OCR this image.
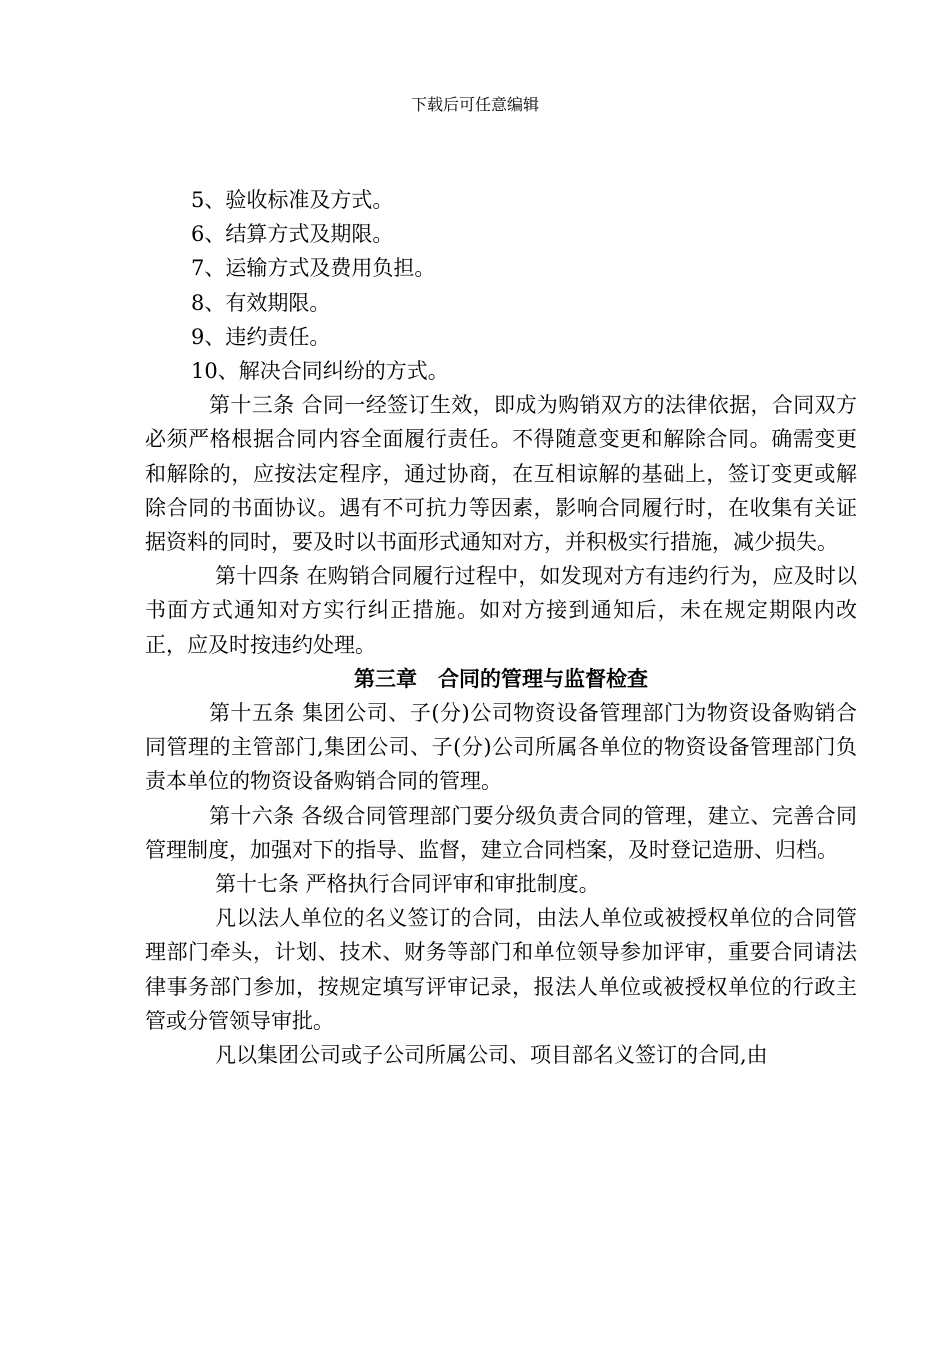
下载后可任意编辑

5、验收标准及方式。

6、结算方式及期限。

7、运输方式及费用负担。

8、有效期限。

9、违约责任。

10、解决合同纠纷的方式。

第十三条 合同一经签订生效，即成为购销双方的法律依据，合同双方必须严格根据合同内容全面履行责任。不得随意变更和解除合同。确需变更和解除的，应按法定程序，通过协商，在互相谅解的基础上，签订变更或解除合同的书面协议。遇有不可抗力等因素，影响合同履行时，在收集有关证据资料的同时，要及时以书面形式通知对方，并积极实行措施，减少损失。

第十四条 在购销合同履行过程中，如发现对方有违约行为，应及时以书面方式通知对方实行纠正措施。如对方接到通知后，未在规定期限内改正，应及时按违约处理。

第三章　合同的管理与监督检查

第十五条 集团公司、子(分)公司物资设备管理部门为物资设备购销合同管理的主管部门,集团公司、子(分)公司所属各单位的物资设备管理部门负责本单位的物资设备购销合同的管理。

第十六条 各级合同管理部门要分级负责合同的管理，建立、完善合同管理制度，加强对下的指导、监督，建立合同档案，及时登记造册、归档。

第十七条 严格执行合同评审和审批制度。

凡以法人单位的名义签订的合同，由法人单位或被授权单位的合同管理部门牵头，计划、技术、财务等部门和单位领导参加评审，重要合同请法律事务部门参加，按规定填写评审记录，报法人单位或被授权单位的行政主管或分管领导审批。

凡以集团公司或子公司所属公司、项目部名义签订的合同,由
